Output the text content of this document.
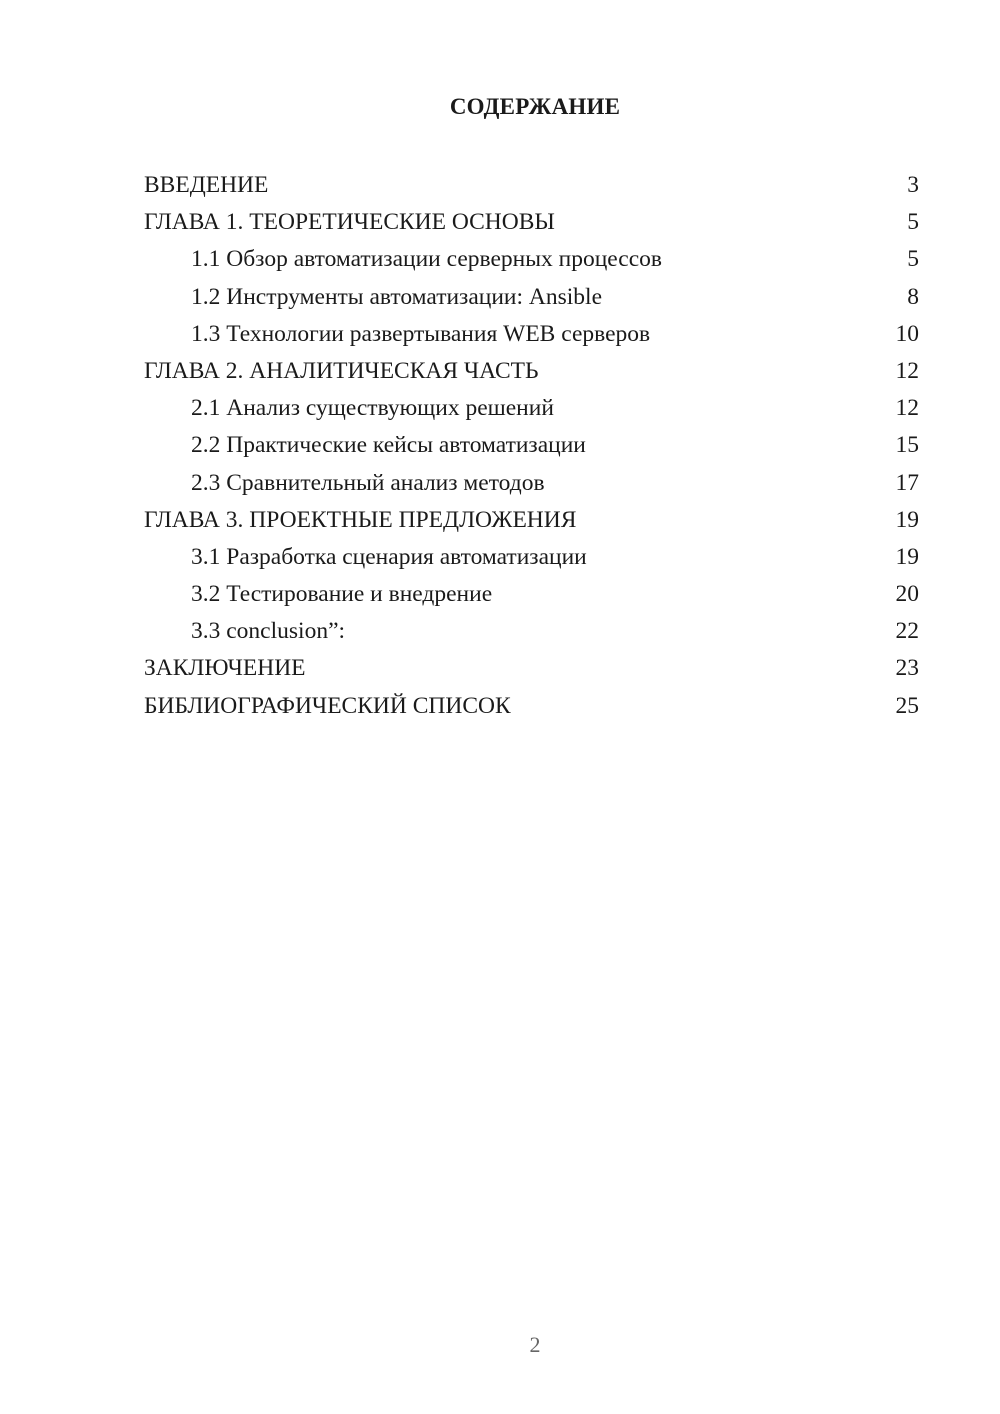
СОДЕРЖАНИЕ
ВВЕДЕНИЕ	3
ГЛАВА 1. ТЕОРЕТИЧЕСКИЕ ОСНОВЫ	5
1.1 Обзор автоматизации серверных процессов	5
1.2 Инструменты автоматизации: Ansible	8
1.3 Технологии развертывания WEB серверов	10
ГЛАВА 2. АНАЛИТИЧЕСКАЯ ЧАСТЬ	12
2.1 Анализ существующих решений	12
2.2 Практические кейсы автоматизации	15
2.3 Сравнительный анализ методов	17
ГЛАВА 3. ПРОЕКТНЫЕ ПРЕДЛОЖЕНИЯ	19
3.1 Разработка сценария автоматизации	19
3.2 Тестирование и внедрение	20
3.3 conclusion”:	22
ЗАКЛЮЧЕНИЕ	23
БИБЛИОГРАФИЧЕСКИЙ СПИСОК	25
2
